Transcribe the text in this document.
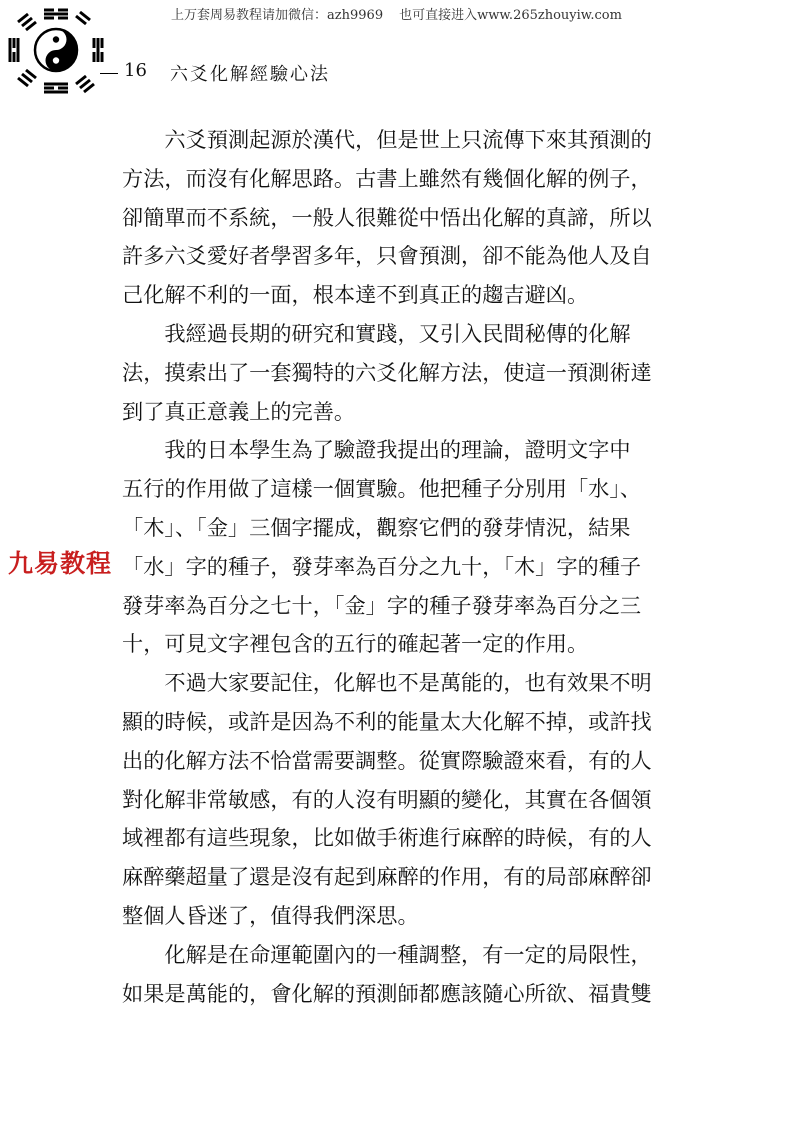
上万套周易教程请加微信：azh9969 也可直接进入www.265zhouyiw.com
16 六爻化解經驗心法
九易教程

六爻預測起源於漢代，但是世上只流傳下來其預測的
方法，而沒有化解思路。古書上雖然有幾個化解的例子，
卻簡單而不系統，一般人很難從中悟出化解的真諦，所以
許多六爻愛好者學習多年，只會預測，卻不能為他人及自
己化解不利的一面，根本達不到真正的趨吉避凶。

我經過長期的研究和實踐，又引入民間秘傳的化解
法，摸索出了一套獨特的六爻化解方法，使這一預測術達
到了真正意義上的完善。

我的日本學生為了驗證我提出的理論，證明文字中
五行的作用做了這樣一個實驗。他把種子分別用「水」、
「木」、「金」三個字擺成，觀察它們的發芽情況，結果
「水」字的種子，發芽率為百分之九十，「木」字的種子
發芽率為百分之七十，「金」字的種子發芽率為百分之三
十，可見文字裡包含的五行的確起著一定的作用。

不過大家要記住，化解也不是萬能的，也有效果不明
顯的時候，或許是因為不利的能量太大化解不掉，或許找
出的化解方法不恰當需要調整。從實際驗證來看，有的人
對化解非常敏感，有的人沒有明顯的變化，其實在各個領
域裡都有這些現象，比如做手術進行麻醉的時候，有的人
麻醉藥超量了還是沒有起到麻醉的作用，有的局部麻醉卻
整個人昏迷了，值得我們深思。

化解是在命運範圍內的一種調整，有一定的局限性，
如果是萬能的，會化解的預測師都應該隨心所欲、福貴雙
